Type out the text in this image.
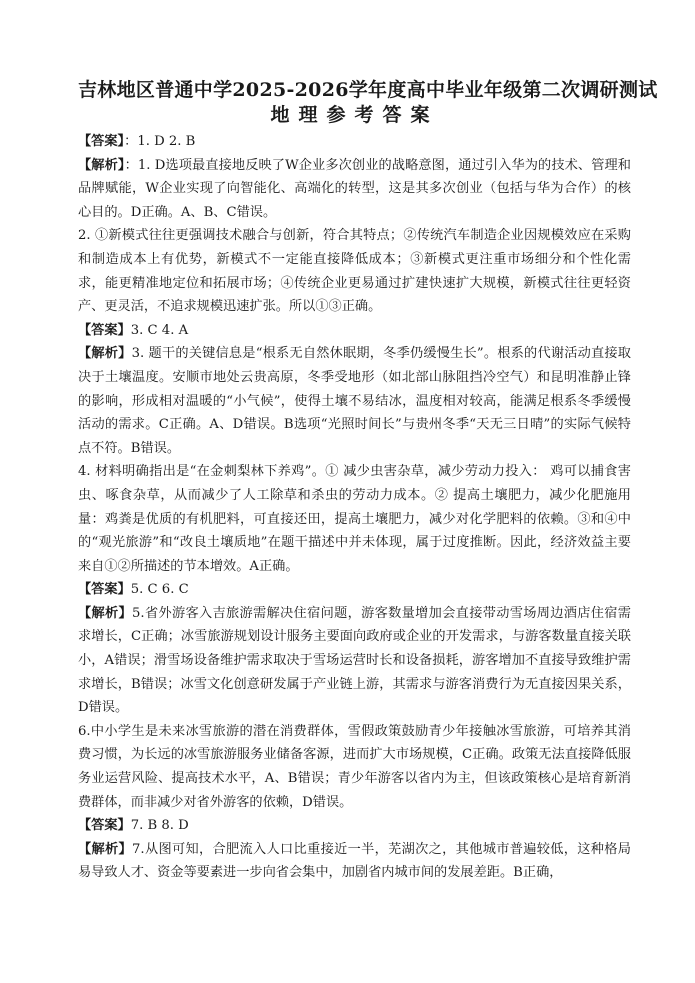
吉林地区普通中学2025-2026学年度高中毕业年级第二次调研测试

地理参考答案

【答案】：1. D 2. B

【解析】：1. D选项最直接地反映了W企业多次创业的战略意图，通过引入华为的技术、管理和品牌赋能，W企业实现了向智能化、高端化的转型，这是其多次创业（包括与华为合作）的核心目的。D正确。A、B、C错误。

2. ①新模式往往更强调技术融合与创新，符合其特点；②传统汽车制造企业因规模效应在采购和制造成本上有优势，新模式不一定能直接降低成本；③新模式更注重市场细分和个性化需求，能更精准地定位和拓展市场；④传统企业更易通过扩建快速扩大规模，新模式往往更轻资产、更灵活，不追求规模迅速扩张。所以①③正确。

【答案】3. C 4. A

【解析】3. 题干的关键信息是“根系无自然休眠期，冬季仍缓慢生长”。根系的代谢活动直接取决于土壤温度。安顺市地处云贵高原，冬季受地形（如北部山脉阻挡冷空气）和昆明准静止锋的影响，形成相对温暖的“小气候”，使得土壤不易结冰，温度相对较高，能满足根系冬季缓慢活动的需求。C正确。A、D错误。B选项“光照时间长”与贵州冬季“天无三日晴”的实际气候特点不符。B错误。

4. 材料明确指出是“在金刺梨林下养鸡”。① 减少虫害杂草，减少劳动力投入： 鸡可以捕食害虫、啄食杂草，从而减少了人工除草和杀虫的劳动力成本。② 提高土壤肥力，减少化肥施用量：鸡粪是优质的有机肥料，可直接还田，提高土壤肥力，减少对化学肥料的依赖。③和④中的“观光旅游”和“改良土壤质地”在题干描述中并未体现，属于过度推断。因此，经济效益主要来自①②所描述的节本增效。A正确。

【答案】5. C 6. C

【解析】5.省外游客入吉旅游需解决住宿问题，游客数量增加会直接带动雪场周边酒店住宿需求增长，C正确；冰雪旅游规划设计服务主要面向政府或企业的开发需求，与游客数量直接关联小，A错误；滑雪场设备维护需求取决于雪场运营时长和设备损耗，游客增加不直接导致维护需求增长，B错误；冰雪文化创意研发属于产业链上游，其需求与游客消费行为无直接因果关系，D错误。

6.中小学生是未来冰雪旅游的潜在消费群体，雪假政策鼓励青少年接触冰雪旅游，可培养其消费习惯，为长远的冰雪旅游服务业储备客源，进而扩大市场规模，C正确。政策无法直接降低服务业运营风险、提高技术水平，A、B错误；青少年游客以省内为主，但该政策核心是培育新消费群体，而非减少对省外游客的依赖，D错误。

【答案】7. B 8. D

【解析】7.从图可知，合肥流入人口比重接近一半，芜湖次之，其他城市普遍较低，这种格局易导致人才、资金等要素进一步向省会集中，加剧省内城市间的发展差距。B正确，
